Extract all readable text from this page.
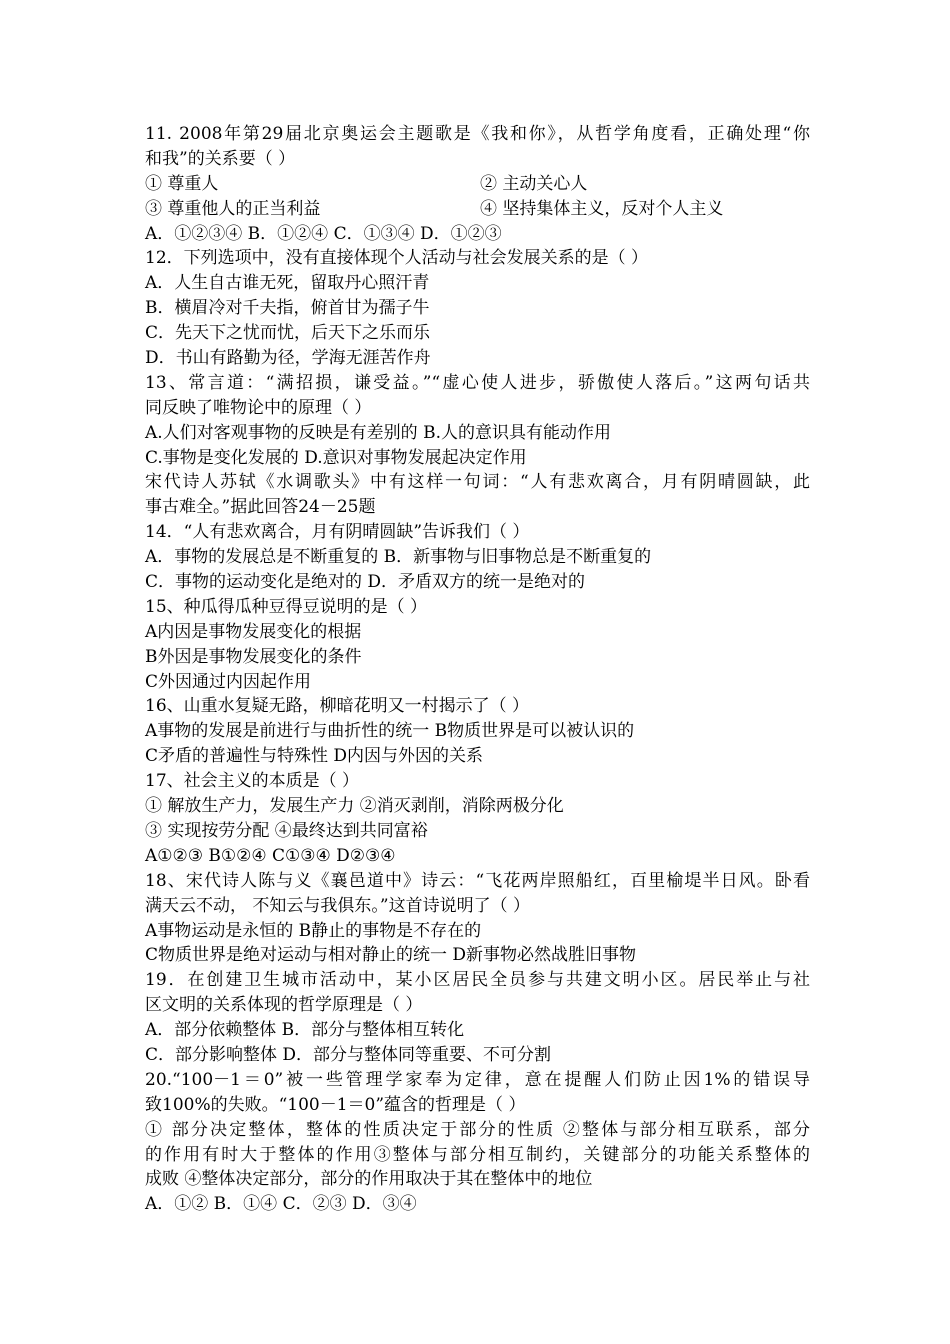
11. 2008年第29届北京奥运会主题歌是《我和你》，从哲学角度看，正确处理“你
和我”的关系要（ ）
① 尊重人	② 主动关心人
③ 尊重他人的正当利益	④ 坚持集体主义，反对个人主义
A．①②③④ B．①②④ C．①③④ D．①②③
12．下列选项中，没有直接体现个人活动与社会发展关系的是（ ）
A．人生自古谁无死，留取丹心照汗青
B．横眉冷对千夫指，俯首甘为孺子牛
C．先天下之忧而忧，后天下之乐而乐
D．书山有路勤为径，学海无涯苦作舟
13、常言道：“满招损，谦受益。”“虚心使人进步，骄傲使人落后。”这两句话共
同反映了唯物论中的原理（ ）
A.人们对客观事物的反映是有差别的 B.人的意识具有能动作用
C.事物是变化发展的 D.意识对事物发展起决定作用
宋代诗人苏轼《水调歌头》中有这样一句词：“人有悲欢离合，月有阴晴圆缺，此
事古难全。”据此回答24－25题
14．“人有悲欢离合，月有阴晴圆缺”告诉我们（ ）
A．事物的发展总是不断重复的 B．新事物与旧事物总是不断重复的
C．事物的运动变化是绝对的 D．矛盾双方的统一是绝对的
15、种瓜得瓜种豆得豆说明的是（ ）
A内因是事物发展变化的根据
B外因是事物发展变化的条件
C外因通过内因起作用
16、山重水复疑无路，柳暗花明又一村揭示了（ ）
A事物的发展是前进行与曲折性的统一 B物质世界是可以被认识的
C矛盾的普遍性与特殊性 D内因与外因的关系
17、社会主义的本质是（ ）
① 解放生产力，发展生产力 ②消灭剥削，消除两极分化
③ 实现按劳分配 ④最终达到共同富裕
A①②③ B①②④ C①③④ D②③④
18、宋代诗人陈与义《襄邑道中》诗云：“飞花两岸照船红，百里榆堤半日风。卧看
满天云不动， 不知云与我俱东。”这首诗说明了（ ）
A事物运动是永恒的 B静止的事物是不存在的
C物质世界是绝对运动与相对静止的统一 D新事物必然战胜旧事物
19．在创建卫生城市活动中，某小区居民全员参与共建文明小区。居民举止与社
区文明的关系体现的哲学原理是（ ）
A．部分依赖整体 B．部分与整体相互转化
C．部分影响整体 D．部分与整体同等重要、不可分割
20.“100－1＝0”被一些管理学家奉为定律，意在提醒人们防止因1%的错误导
致100%的失败。“100－1＝0”蕴含的哲理是（ ）
① 部分决定整体，整体的性质决定于部分的性质 ②整体与部分相互联系，部分
的作用有时大于整体的作用③整体与部分相互制约，关键部分的功能关系整体的
成败 ④整体决定部分，部分的作用取决于其在整体中的地位
A．①② B．①④ C．②③ D．③④
